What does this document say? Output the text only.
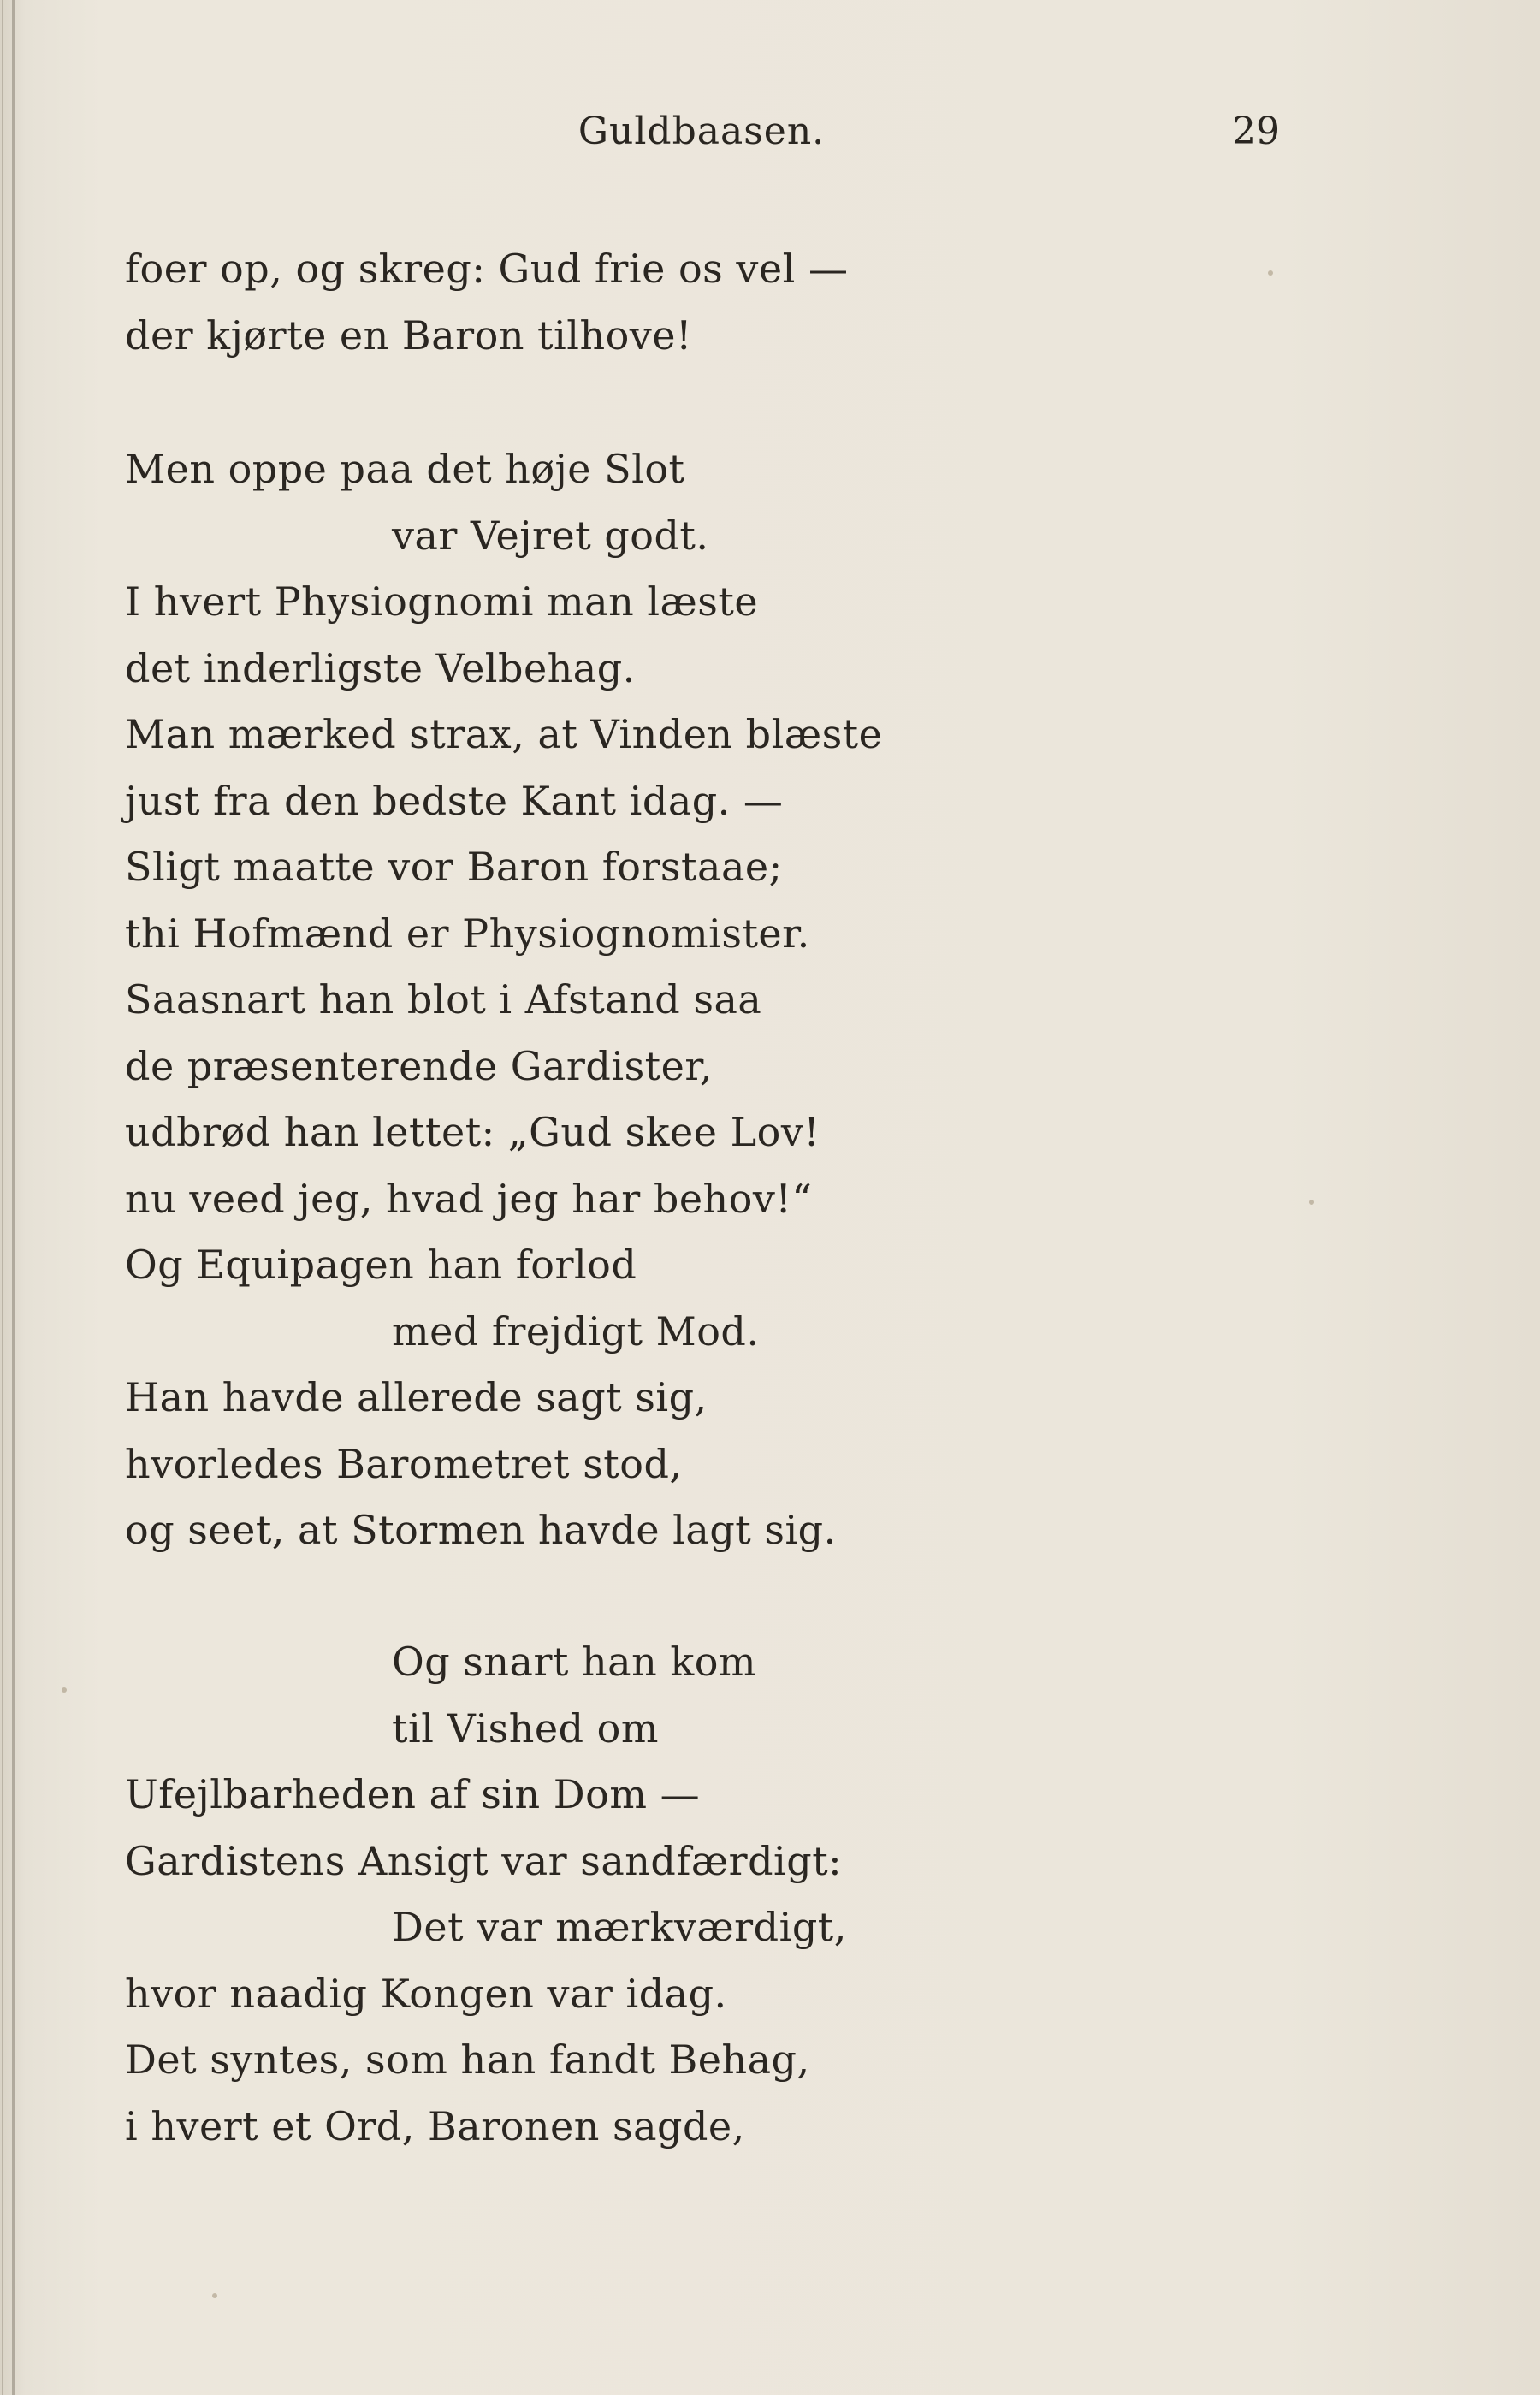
Guldbaasen.	29
foer op, og skreg: Gud frie os vel —
der kjørte en Baron tilhove!
Men oppe paa det høje Slot
var Vejret godt.
I hvert Physiognomi man læste
det inderligste Velbehag.
Man mærked strax, at Vinden blæste
just fra den bedste Kant idag. —
Sligt maatte vor Baron forstaae;
thi Hofmænd er Physiognomister.
Saasnart han blot i Afstand saa
de præsenterende Gardister,
udbrød han lettet: „Gud skee Lov!
nu veed jeg, hvad jeg har behov!“
Og Equipagen han forlod
med frejdigt Mod.
Han havde allerede sagt sig,
hvorledes Barometret stod,
og seet, at Stormen havde lagt sig.
Og snart han kom
til Vished om
Ufejlbarheden af sin Dom —
Gardistens Ansigt var sandfærdigt:
Det var mærkværdigt,
hvor naadig Kongen var idag.
Det syntes, som han fandt Behag,
i hvert et Ord, Baronen sagde,
